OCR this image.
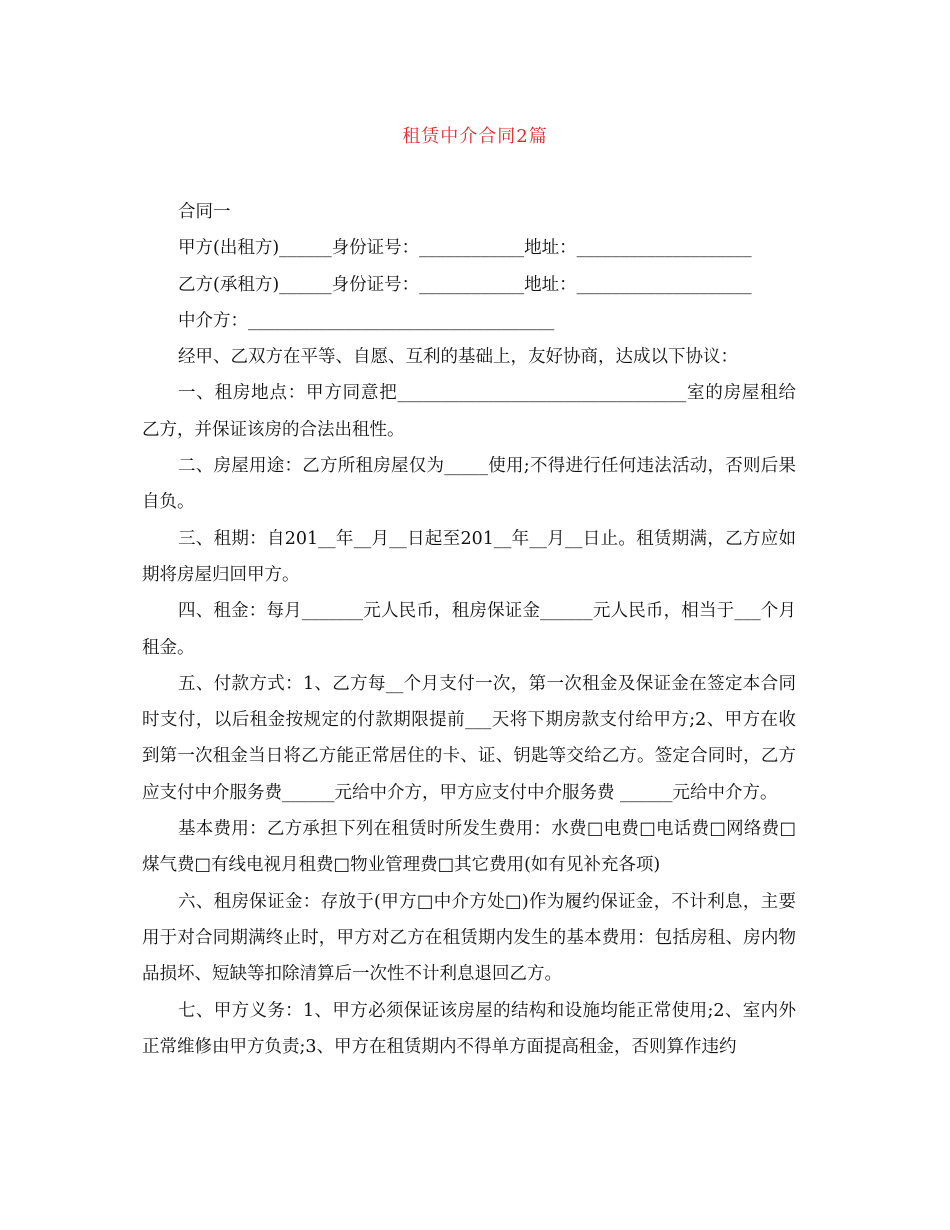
租赁中介合同2篇

合同一

甲方(出租方)______身份证号：____________地址：____________________

乙方(承租方)______身份证号：____________地址：____________________

中介方：___________________________________

经甲、乙双方在平等、自愿、互利的基础上，友好协商，达成以下协议：

一、租房地点：甲方同意把_________________________________室的房屋租给乙方，并保证该房的合法出租性。

二、房屋用途：乙方所租房屋仅为_____使用;不得进行任何违法活动，否则后果自负。

三、租期：自201__年__月__日起至201__年__月__日止。租赁期满，乙方应如期将房屋归回甲方。

四、租金：每月_______元人民币，租房保证金______元人民币，相当于___个月租金。

五、付款方式：1、乙方每__个月支付一次，第一次租金及保证金在签定本合同时支付，以后租金按规定的付款期限提前___天将下期房款支付给甲方;2、甲方在收到第一次租金当日将乙方能正常居住的卡、证、钥匙等交给乙方。签定合同时，乙方应支付中介服务费______元给中介方，甲方应支付中介服务费 ______元给中介方。

基本费用：乙方承担下列在租赁时所发生费用：水费□电费□电话费□网络费□煤气费□有线电视月租费□物业管理费□其它费用(如有见补充各项)

六、租房保证金：存放于(甲方□中介方处□)作为履约保证金，不计利息，主要用于对合同期满终止时，甲方对乙方在租赁期内发生的基本费用：包括房租、房内物品损坏、短缺等扣除清算后一次性不计利息退回乙方。

七、甲方义务：1、甲方必须保证该房屋的结构和设施均能正常使用;2、室内外正常维修由甲方负责;3、甲方在租赁期内不得单方面提高租金，否则算作违约
